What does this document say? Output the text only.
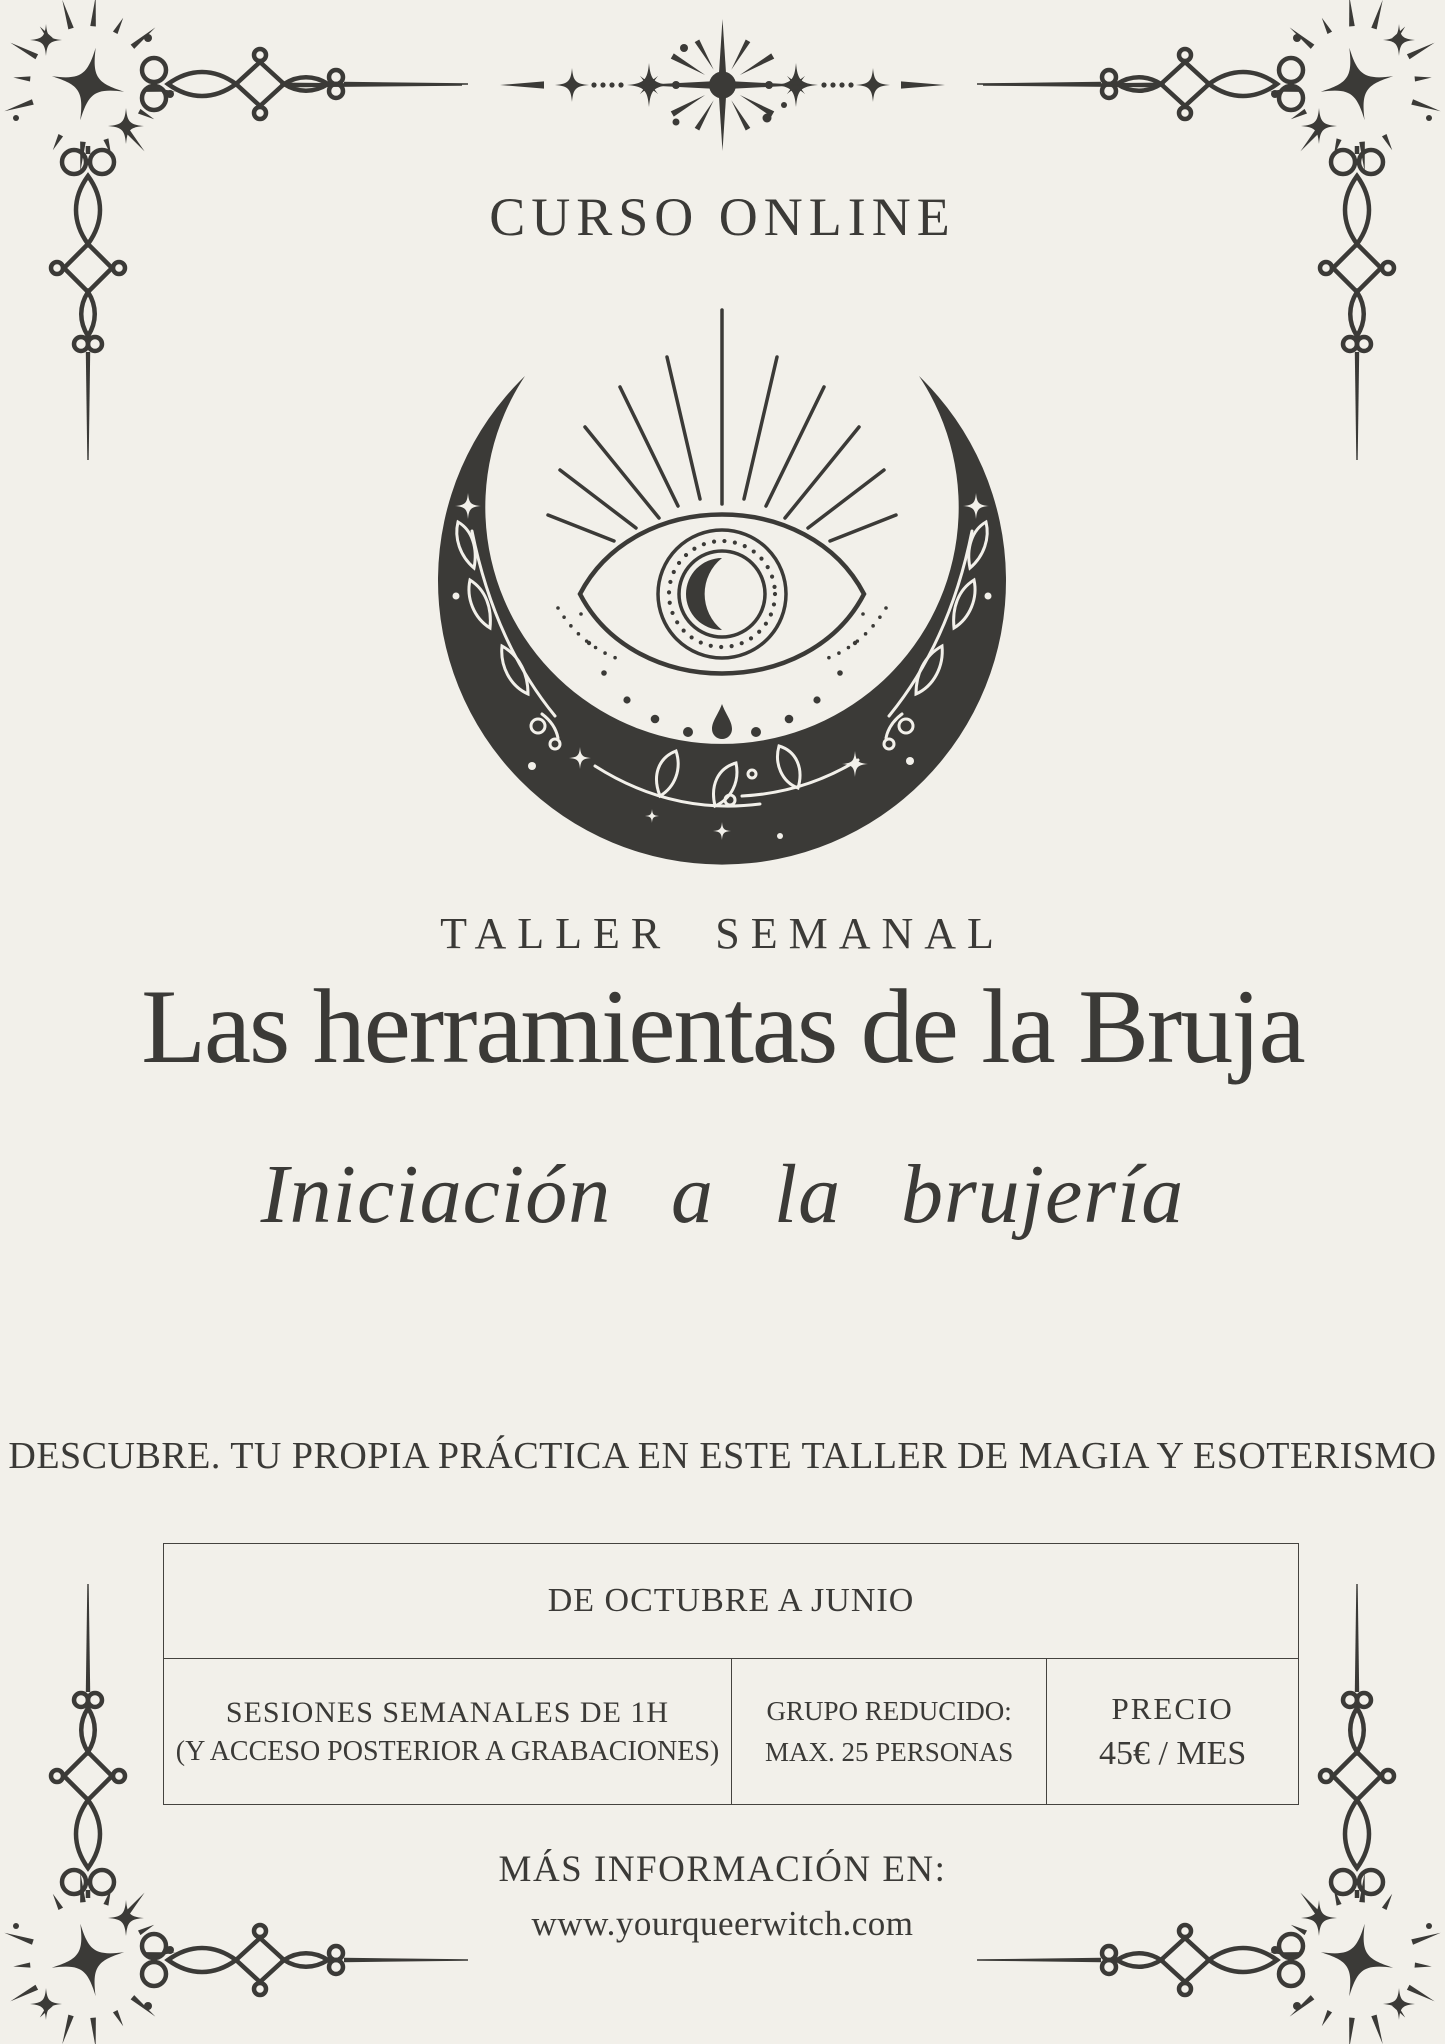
CURSO ONLINE
TALLER SEMANAL
Las herramientas de la Bruja
Iniciación a la brujería
DESCUBRE. TU PROPIA PRÁCTICA EN ESTE TALLER DE MAGIA Y ESOTERISMO
DE OCTUBRE A JUNIO
SESIONES SEMANALES DE 1H
(Y ACCESO POSTERIOR A GRABACIONES)
GRUPO REDUCIDO:
MAX. 25 PERSONAS
PRECIO
45€ / MES
MÁS INFORMACIÓN EN:
www.yourqueerwitch.com
